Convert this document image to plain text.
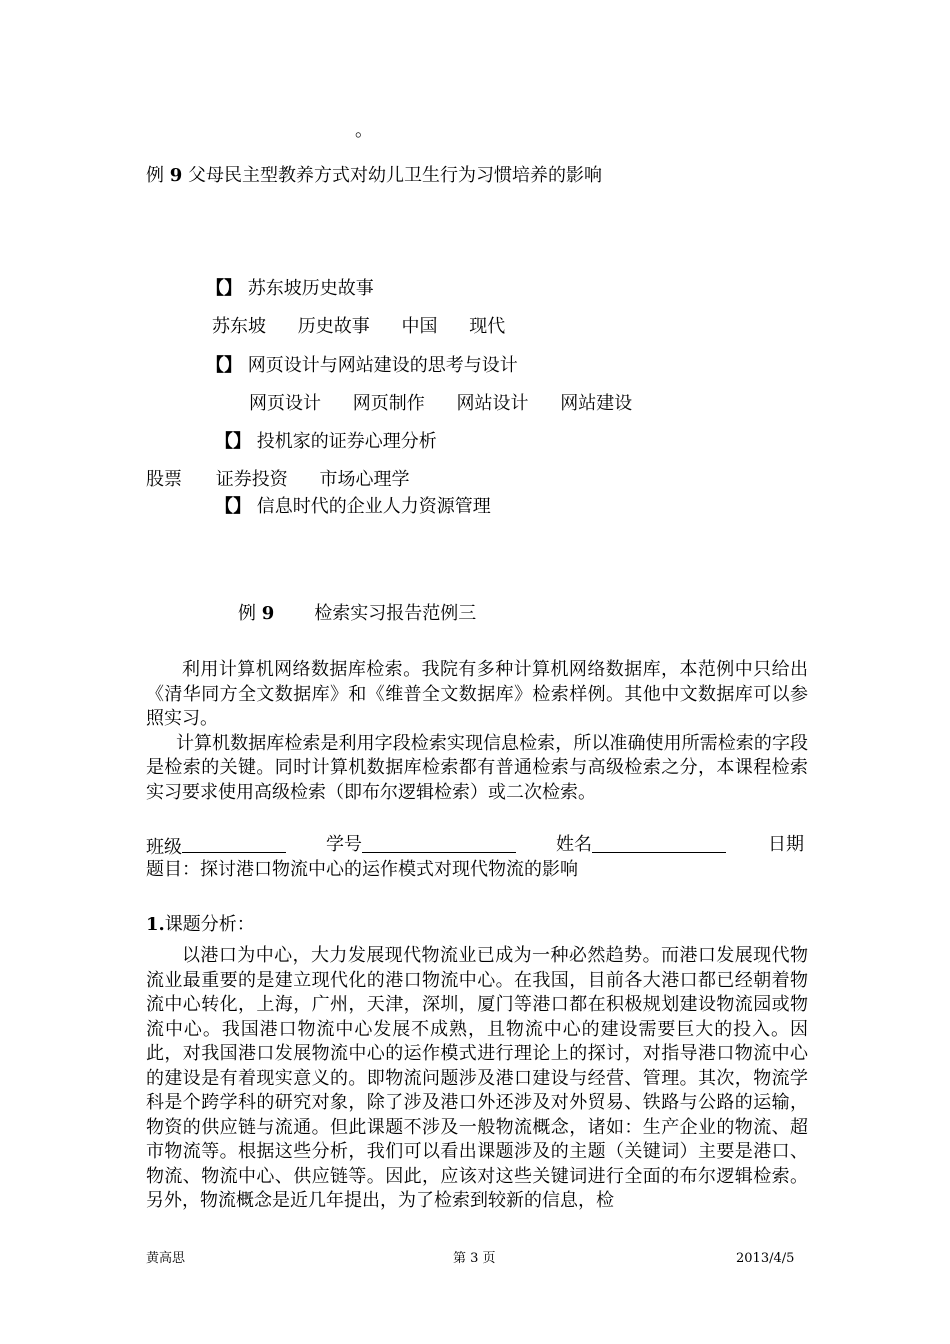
。
例 9 父母民主型教养方式对幼儿卫生行为习惯培养的影响
【】 苏东坡历史故事
苏东坡 历史故事 中国 现代
【】 网页设计与网站建设的思考与设计
网页设计 网页制作 网站设计 网站建设
【】 投机家的证券心理分析
股票 证券投资 市场心理学
【】 信息时代的企业人力资源管理
例 9 检索实习报告范例三

利用计算机网络数据库检索。我院有多种计算机网络数据库，本范例中只给出《清华同方全文数据库》和《维普全文数据库》检索样例。其他中文数据库可以参照实习。

计算机数据库检索是利用字段检索实现信息检索，所以准确使用所需检索的字段是检索的关键。同时计算机数据库检索都有普通检索与高级检索之分，本课程检索实习要求使用高级检索（即布尔逻辑检索）或二次检索。

班级	学号	姓名	日期
题目：探讨港口物流中心的运作模式对现代物流的影响
1.课题分析：

以港口为中心，大力发展现代物流业已成为一种必然趋势。而港口发展现代物流业最重要的是建立现代化的港口物流中心。在我国，目前各大港口都已经朝着物流中心转化，上海，广州，天津，深圳，厦门等港口都在积极规划建设物流园或物流中心。我国港口物流中心发展不成熟，且物流中心的建设需要巨大的投入。因此，对我国港口发展物流中心的运作模式进行理论上的探讨，对指导港口物流中心的建设是有着现实意义的。即物流问题涉及港口建设与经营、管理。其次，物流学科是个跨学科的研究对象，除了涉及港口外还涉及对外贸易、铁路与公路的运输，物资的供应链与流通。但此课题不涉及一般物流概念，诸如：生产企业的物流、超市物流等。根据这些分析，我们可以看出课题涉及的主题（关键词）主要是港口、物流、物流中心、供应链等。因此，应该对这些关键词进行全面的布尔逻辑检索。另外，物流概念是近几年提出，为了检索到较新的信息，检

黄高思	第 3 页	2013/4/5
